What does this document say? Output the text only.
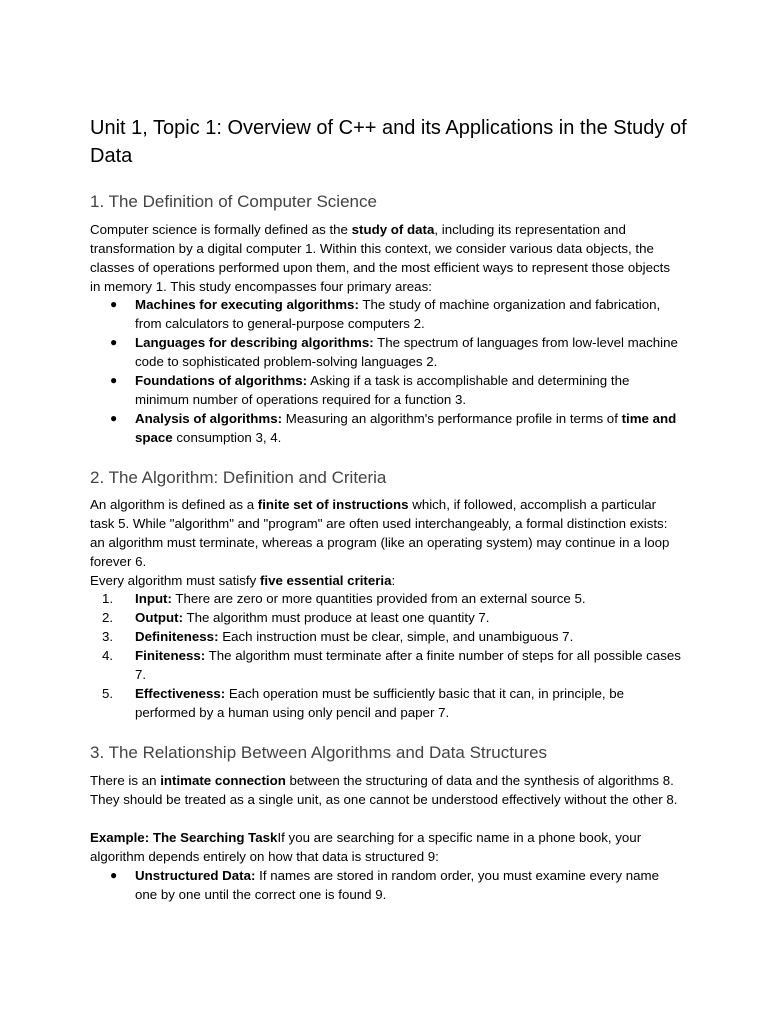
Unit 1, Topic 1: Overview of C++ and its Applications in the Study of Data
1. The Definition of Computer Science

Computer science is formally defined as the study of data, including its representation and transformation by a digital computer 1. Within this context, we consider various data objects, the classes of operations performed upon them, and the most efficient ways to represent those objects in memory 1. This study encompasses four primary areas:

●	Machines for executing algorithms: The study of machine organization and fabrication, from calculators to general-purpose computers 2.
●	Languages for describing algorithms: The spectrum of languages from low-level machine code to sophisticated problem-solving languages 2.
●	Foundations of algorithms: Asking if a task is accomplishable and determining the minimum number of operations required for a function 3.
●	Analysis of algorithms: Measuring an algorithm's performance profile in terms of time and space consumption 3, 4.
2. The Algorithm: Definition and Criteria

An algorithm is defined as a finite set of instructions which, if followed, accomplish a particular task 5. While "algorithm" and "program" are often used interchangeably, a formal distinction exists: an algorithm must terminate, whereas a program (like an operating system) may continue in a loop forever 6.

Every algorithm must satisfy five essential criteria:

1.	Input: There are zero or more quantities provided from an external source 5.
2.	Output: The algorithm must produce at least one quantity 7.
3.	Definiteness: Each instruction must be clear, simple, and unambiguous 7.
4.	Finiteness: The algorithm must terminate after a finite number of steps for all possible cases 7.
5.	Effectiveness: Each operation must be sufficiently basic that it can, in principle, be performed by a human using only pencil and paper 7.
3. The Relationship Between Algorithms and Data Structures

There is an intimate connection between the structuring of data and the synthesis of algorithms 8. They should be treated as a single unit, as one cannot be understood effectively without the other 8.

Example: The Searching TaskIf you are searching for a specific name in a phone book, your algorithm depends entirely on how that data is structured 9:

●	Unstructured Data: If names are stored in random order, you must examine every name one by one until the correct one is found 9.
